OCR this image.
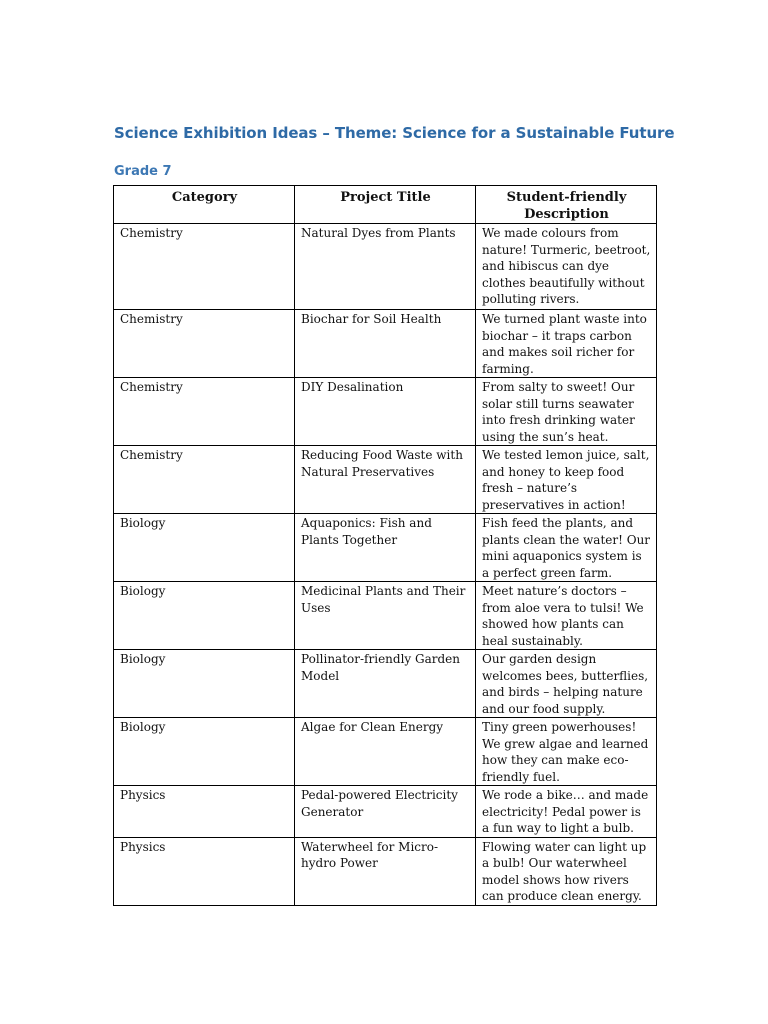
Science Exhibition Ideas – Theme: Science for a Sustainable Future
Grade 7
Category	Project Title	Student-friendly Description
Chemistry	Natural Dyes from Plants	We made colours from nature! Turmeric, beetroot, and hibiscus can dye clothes beautifully without polluting rivers.
Chemistry	Biochar for Soil Health	We turned plant waste into biochar – it traps carbon and makes soil richer for farming.
Chemistry	DIY Desalination	From salty to sweet! Our solar still turns seawater into fresh drinking water using the sun’s heat.
Chemistry	Reducing Food Waste with Natural Preservatives	We tested lemon juice, salt, and honey to keep food fresh – nature’s preservatives in action!
Biology	Aquaponics: Fish and Plants Together	Fish feed the plants, and plants clean the water! Our mini aquaponics system is a perfect green farm.
Biology	Medicinal Plants and Their Uses	Meet nature’s doctors – from aloe vera to tulsi! We showed how plants can heal sustainably.
Biology	Pollinator-friendly Garden Model	Our garden design welcomes bees, butterflies, and birds – helping nature and our food supply.
Biology	Algae for Clean Energy	Tiny green powerhouses! We grew algae and learned how they can make eco-friendly fuel.
Physics	Pedal-powered Electricity Generator	We rode a bike… and made electricity! Pedal power is a fun way to light a bulb.
Physics	Waterwheel for Micro-hydro Power	Flowing water can light up a bulb! Our waterwheel model shows how rivers can produce clean energy.
